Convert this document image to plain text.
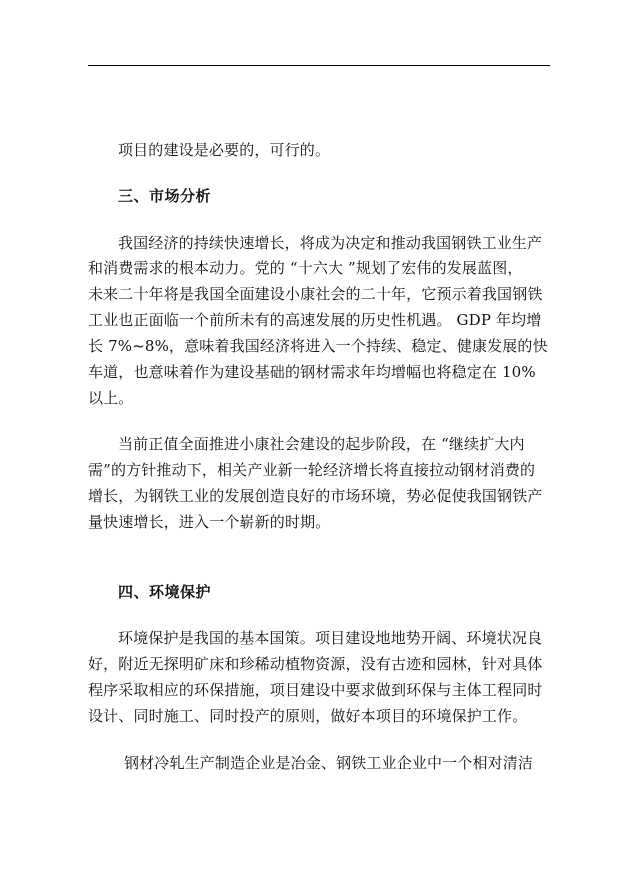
项目的建设是必要的，可行的。
三、市场分析
我国经济的持续快速增长，将成为决定和推动我国钢铁工业生产
和消费需求的根本动力。党的 “十六大 ”规划了宏伟的发展蓝图，
未来二十年将是我国全面建设小康社会的二十年，它预示着我国钢铁
工业也正面临一个前所未有的高速发展的历史性机遇。 GDP 年均增
长 7%~8%，意味着我国经济将进入一个持续、稳定、健康发展的快
车道，也意味着作为建设基础的钢材需求年均增幅也将稳定在 10%
以上。
当前正值全面推进小康社会建设的起步阶段，在 “继续扩大内
需”的方针推动下，相关产业新一轮经济增长将直接拉动钢材消费的
增长，为钢铁工业的发展创造良好的市场环境，势必促使我国钢铁产
量快速增长，进入一个崭新的时期。
四、环境保护
环境保护是我国的基本国策。项目建设地地势开阔、环境状况良
好，附近无探明矿床和珍稀动植物资源，没有古迹和园林，针对具体
程序采取相应的环保措施，项目建设中要求做到环保与主体工程同时
设计、同时施工、同时投产的原则，做好本项目的环境保护工作。
钢材冷轧生产制造企业是冶金、钢铁工业企业中一个相对清洁
